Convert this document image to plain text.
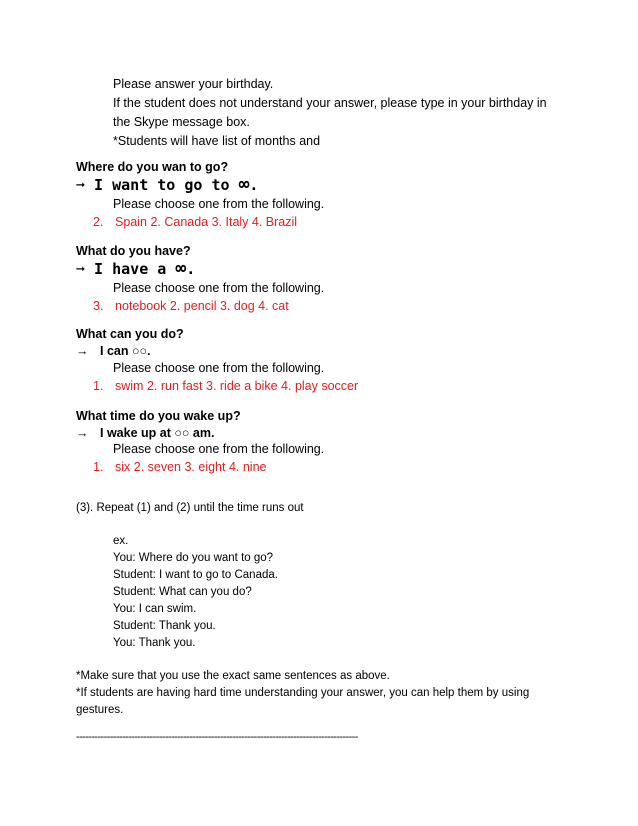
Please answer your birthday.
If the student does not understand your answer, please type in your birthday in
the Skype message box.
*Students will have list of months and
Where do you wan to go?
➞ I want to go to ∞.
Please choose one from the following.
2. Spain 2. Canada 3. Italy 4. Brazil
What do you have?
➞ I have a ∞.
Please choose one from the following.
3. notebook 2. pencil 3. dog 4. cat
What can you do?
→ I can ○○.
Please choose one from the following.
1. swim 2. run fast 3. ride a bike 4. play soccer
What time do you wake up?
→ I wake up at ○○ am.
Please choose one from the following.
1. six 2. seven 3. eight 4. nine
(3). Repeat (1) and (2) until the time runs out
ex.
You: Where do you want to go?
Student: I want to go to Canada.
Student: What can you do?
You: I can swim.
Student: Thank you.
You: Thank you.
*Make sure that you use the exact same sentences as above.
*If students are having hard time understanding your answer, you can help them by using
gestures.
--------------------------------------------------------------------------------------------
